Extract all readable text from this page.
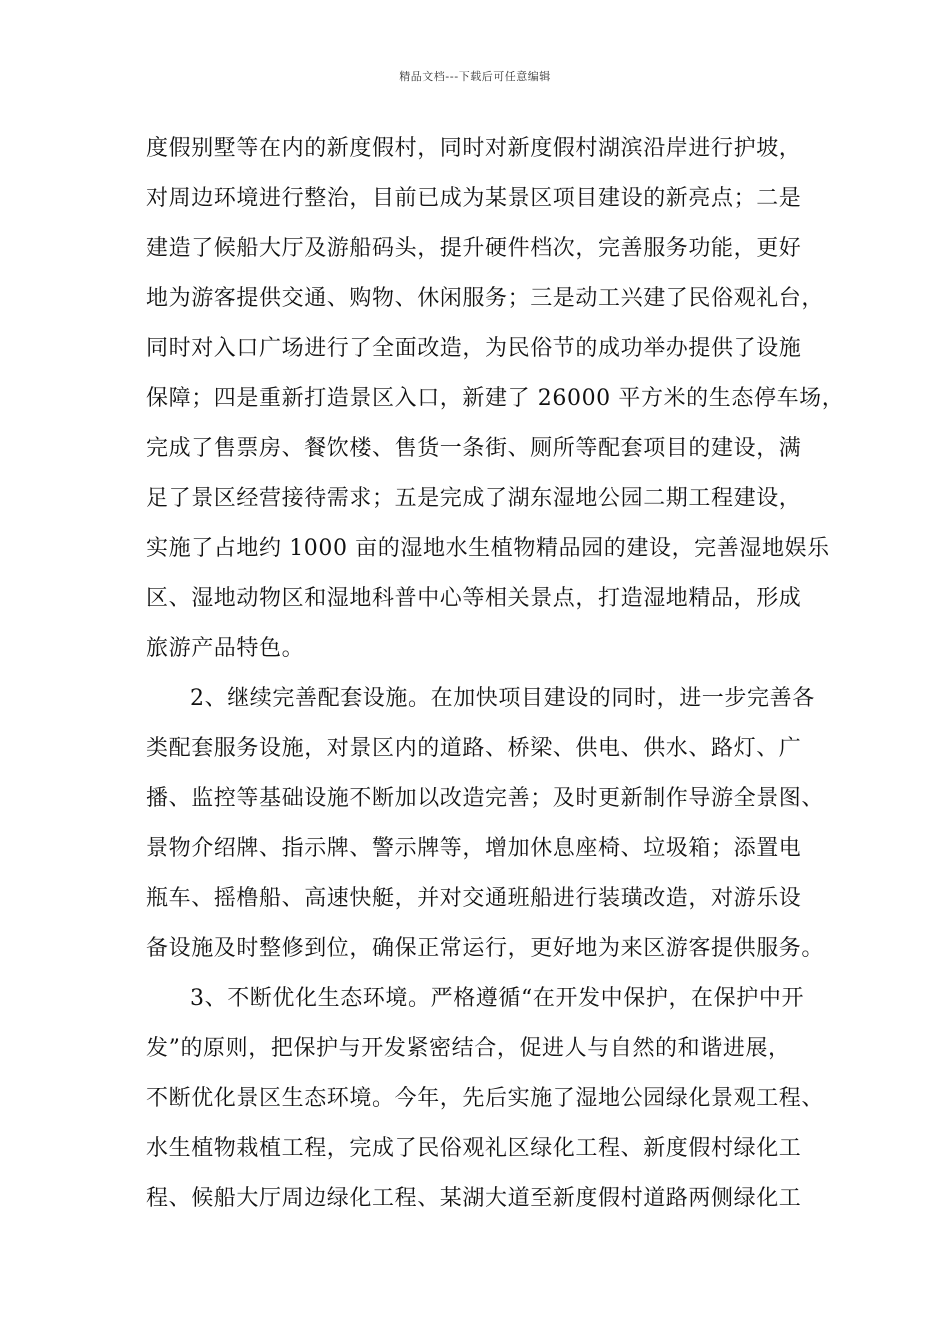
精品文档---下载后可任意编辑
度假别墅等在内的新度假村，同时对新度假村湖滨沿岸进行护坡，
对周边环境进行整治，目前已成为某景区项目建设的新亮点；二是
建造了候船大厅及游船码头，提升硬件档次，完善服务功能，更好
地为游客提供交通、购物、休闲服务；三是动工兴建了民俗观礼台，
同时对入口广场进行了全面改造，为民俗节的成功举办提供了设施
保障；四是重新打造景区入口，新建了 26000 平方米的生态停车场，
完成了售票房、餐饮楼、售货一条街、厕所等配套项目的建设，满
足了景区经营接待需求；五是完成了湖东湿地公园二期工程建设，
实施了占地约 1000 亩的湿地水生植物精品园的建设，完善湿地娱乐
区、湿地动物区和湿地科普中心等相关景点，打造湿地精品，形成
旅游产品特色。
2、继续完善配套设施。在加快项目建设的同时，进一步完善各
类配套服务设施，对景区内的道路、桥梁、供电、供水、路灯、广
播、监控等基础设施不断加以改造完善；及时更新制作导游全景图、
景物介绍牌、指示牌、警示牌等，增加休息座椅、垃圾箱；添置电
瓶车、摇橹船、高速快艇，并对交通班船进行装璜改造，对游乐设
备设施及时整修到位，确保正常运行，更好地为来区游客提供服务。
3、不断优化生态环境。严格遵循“在开发中保护，在保护中开
发”的原则，把保护与开发紧密结合，促进人与自然的和谐进展，
不断优化景区生态环境。今年，先后实施了湿地公园绿化景观工程、
水生植物栽植工程，完成了民俗观礼区绿化工程、新度假村绿化工
程、候船大厅周边绿化工程、某湖大道至新度假村道路两侧绿化工
